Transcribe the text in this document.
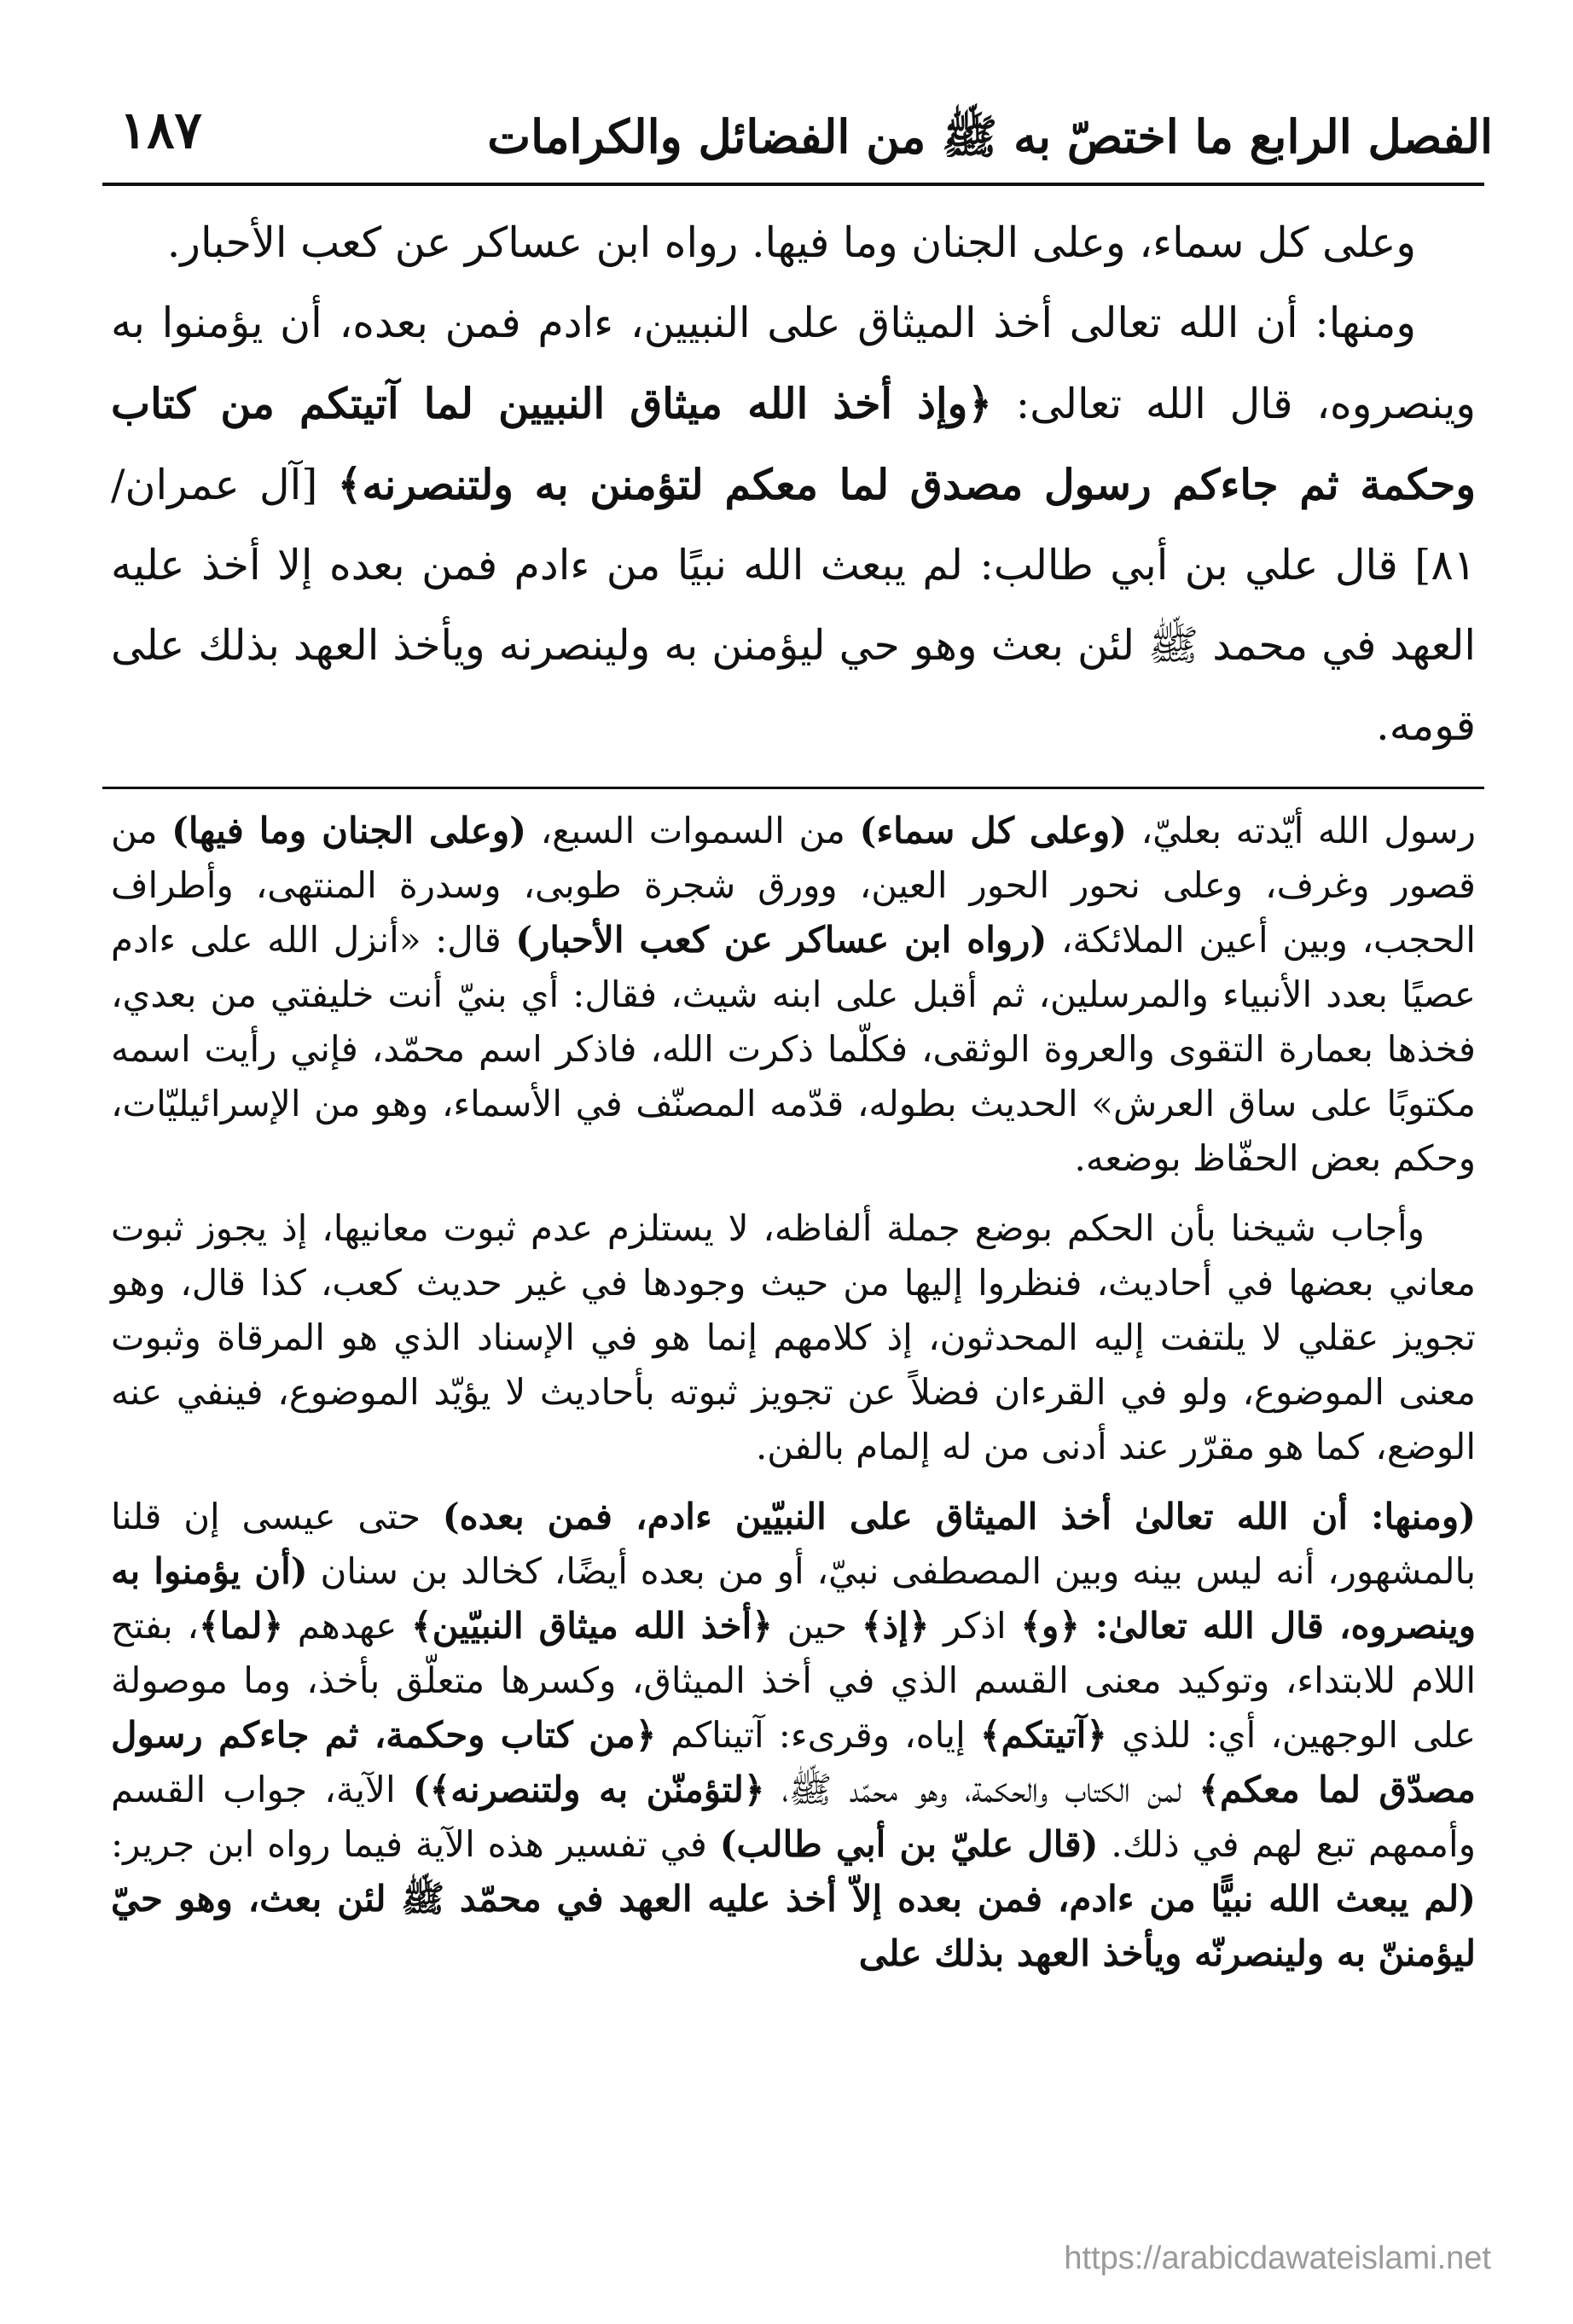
الفصل الرابع ما اختصّ به ﷺ من الفضائل والكرامات
١٨٧

وعلى كل سماء، وعلى الجنان وما فيها. رواه ابن عساكر عن كعب الأحبار.

ومنها: أن الله تعالى أخذ الميثاق على النبيين، ءادم فمن بعده، أن يؤمنوا به وينصروه، قال الله تعالى: ﴿وإذ أخذ الله ميثاق النبيين لما آتيتكم من كتاب وحكمة ثم جاءكم رسول مصدق لما معكم لتؤمنن به ولتنصرنه﴾ [آل عمران/ ٨١] قال علي بن أبي طالب: لم يبعث الله نبيًا من ءادم فمن بعده إلا أخذ عليه العهد في محمد ﷺ لئن بعث وهو حي ليؤمنن به ولينصرنه ويأخذ العهد بذلك على قومه.

رسول الله أيّدته بعليّ، (وعلى كل سماء) من السموات السبع، (وعلى الجنان وما فيها) من قصور وغرف، وعلى نحور الحور العين، وورق شجرة طوبى، وسدرة المنتهى، وأطراف الحجب، وبين أعين الملائكة، (رواه ابن عساكر عن كعب الأحبار) قال: «أنزل الله على ءادم عصيًا بعدد الأنبياء والمرسلين، ثم أقبل على ابنه شيث، فقال: أي بنيّ أنت خليفتي من بعدي، فخذها بعمارة التقوى والعروة الوثقى، فكلّما ذكرت الله، فاذكر اسم محمّد، فإني رأيت اسمه مكتوبًا على ساق العرش» الحديث بطوله، قدّمه المصنّف في الأسماء، وهو من الإسرائيليّات، وحكم بعض الحفّاظ بوضعه.

وأجاب شيخنا بأن الحكم بوضع جملة ألفاظه، لا يستلزم عدم ثبوت معانيها، إذ يجوز ثبوت معاني بعضها في أحاديث، فنظروا إليها من حيث وجودها في غير حديث كعب، كذا قال، وهو تجويز عقلي لا يلتفت إليه المحدثون، إذ كلامهم إنما هو في الإسناد الذي هو المرقاة وثبوت معنى الموضوع، ولو في القرءان فضلاً عن تجويز ثبوته بأحاديث لا يؤيّد الموضوع، فينفي عنه الوضع، كما هو مقرّر عند أدنى من له إلمام بالفن.

(ومنها: أن الله تعالىٰ أخذ الميثاق على النبيّين ءادم، فمن بعده) حتى عيسى إن قلنا بالمشهور، أنه ليس بينه وبين المصطفى نبيّ، أو من بعده أيضًا، كخالد بن سنان (أن يؤمنوا به وينصروه، قال الله تعالىٰ: ﴿و﴾ اذكر ﴿إذ﴾ حين ﴿أخذ الله ميثاق النبيّين﴾ عهدهم ﴿لما﴾، بفتح اللام للابتداء، وتوكيد معنى القسم الذي في أخذ الميثاق، وكسرها متعلّق بأخذ، وما موصولة على الوجهين، أي: للذي ﴿آتيتكم﴾ إياه، وقرىء: آتيناكم ﴿من كتاب وحكمة، ثم جاءكم رسول مصدّق لما معكم﴾ لمن الكتاب والحكمة، وهو محمّد ﷺ، ﴿لتؤمنّن به ولتنصرنه﴾) الآية، جواب القسم وأممهم تبع لهم في ذلك. (قال عليّ بن أبي طالب) في تفسير هذه الآية فيما رواه ابن جرير: (لم يبعث الله نبيًّا من ءادم، فمن بعده إلاّ أخذ عليه العهد في محمّد ﷺ لئن بعث، وهو حيّ ليؤمننّ به ولينصرنّه ويأخذ العهد بذلك على

https://arabicdawateislami.net
